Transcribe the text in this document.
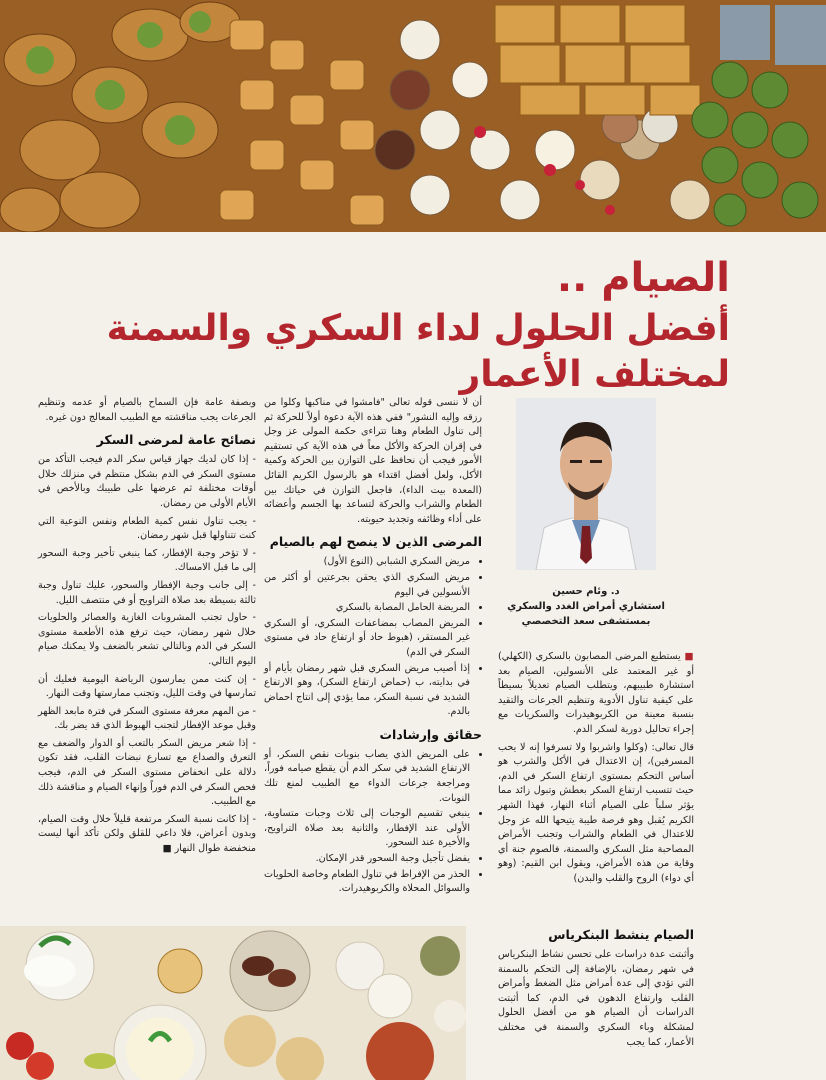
الصيام ..
أفضل الحلول لداء السكري والسمنة لمختلف الأعمار
د. وئام حسين
استشاري أمراض الغدد والسكري
بمستشفى سعد التخصصي

■ يستطيع المرضى المصابون بالسكري (الكهلي) أو غير المعتمد على الأنسولين، الصيام بعد استشارة طبيبهم، ويتطلب الصيام تعديلاً بسيطاً على كيفية تناول الأدوية وتنظيم الجرعات والتقيد بنسبة معينة من الكربوهيدرات والسكريات مع إجراء تحاليل دورية لسكر الدم.

قال تعالى: (وكلوا واشربوا ولا تسرفوا إنه لا يحب المسرفين)، إن الاعتدال في الأكل والشرب هو أساس التحكم بمستوى ارتفاع السكر في الدم، حيث تتسبب ارتفاع السكر بعطش وتبول زائد مما يؤثر سلباً على الصيام أثناء النهار، فهذا الشهر الكريم يُقبل وهو فرصة طيبة يتيحها الله عز وجل للاعتدال في الطعام والشراب وتجنب الأمراض المصاحبة مثل السكري والسمنة، فالصوم جنة أي وقاية من هذه الأمراض، ويقول ابن القيم: (وهو أي دواء) الروح والقلب والبدن)

الصيام ينشط البنكرياس

وأثبتت عدة دراسات على تحسن نشاط البنكرياس في شهر رمضان، بالإضافة إلى التحكم بالسمنة التي تؤدي إلى عدة أمراض مثل الضغط وأمراض القلب وارتفاع الدهون في الدم، كما أثبتت الدراسات أن الصيام هو من أفضل الحلول لمشكلة وباء السكري والسمنة في مختلف الأعمار، كما يجب

أن لا ننسى قوله تعالى "فامشوا في مناكبها وكلوا من رزقه وإليه النشور" ففي هذه الآية دعوة أولاً للحركة ثم إلى تناول الطعام وهنا تتراءى حكمة المولى عز وجل في إقران الحركة والأكل معاً في هذه الآية كي تستقيم الأمور فيجب أن نحافظ على التوازن بين الحركة وكمية الأكل، ولعل أفضل اقتداء هو بالرسول الكريم القائل (المعدة بيت الداء)، فاجعل التوازن في حياتك بين الطعام والشراب والحركة لتساعد بها الجسم وأعضائه على أداء وظائفه وتجديد حيويته.

المرضى الذين لا ينصح لهم بالصيام
• مريض السكري الشبابي (النوع الأول)
• مريض السكري الذي يحقن بجرعتين أو أكثر من الأنسولين في اليوم
• المريضة الحامل المصابة بالسكري
• المريض المصاب بمضاعفات السكري، أو السكري غير المستقر، (هبوط حاد أو ارتفاع حاد في مستوى السكر في الدم)
• إذا أصيب مريض السكري قبل شهر رمضان بأيام أو في بدايته، ب (حماض ارتفاع السكر)، وهو الارتفاع الشديد في نسبة السكر، مما يؤدي إلى انتاج احماض بالدم.
حقائق وإرشادات
• على المريض الذي يصاب بنوبات نقص السكر، أو الارتفاع الشديد في سكر الدم أن يقطع صيامه فوراً، ومراجعة جرعات الدواء مع الطبيب لمنع تلك النوبات.
• ينبغي تقسيم الوجبات إلى ثلاث وجبات متساوية، الأولى عند الإفطار، والثانية بعد صلاة التراويح، والأخيرة عند السحور.
• يفضل تأجيل وجبة السحور قدر الإمكان.
• الحذر من الإفراط في تناول الطعام وخاصة الحلويات والسوائل المحلاة والكربوهيدرات.

وبصفة عامة فإن السماح بالصيام أو عدمه وتنظيم الجرعات يجب مناقشته مع الطبيب المعالج دون غيره.

نصائح عامة لمرضى السكر

- إذا كان لديك جهاز قياس سكر الدم فيجب التأكد من مستوى السكر في الدم بشكل منتظم في منزلك خلال أوقات مختلفة ثم عرضها على طبيبك وبالأخص في الأيام الأولى من رمضان.

- يجب تناول نفس كمية الطعام ونفس النوعية التي كنت تتناولها قبل شهر رمضان.

- لا تؤخر وجبة الإفطار، كما ينبغي تأخير وجبة السحور إلى ما قبل الامساك.

- إلى جانب وجبة الإفطار والسحور، عليك تناول وجبة ثالثة بسيطة بعد صلاة التراويح أو في منتصف الليل.

- حاول تجنب المشروبات الغازية والعصائر والحلويات خلال شهر رمضان، حيث ترفع هذه الأطعمة مستوى السكر في الدم وبالتالي تشعر بالضعف ولا يمكنك صيام اليوم التالي.

- إن كنت ممن يمارسون الرياضة اليومية فعليك أن تمارسها في وقت الليل، وتجنب ممارستها وقت النهار.

- من المهم معرفة مستوى السكر في فترة مابعد الظهر وقبل موعد الإفطار لتجنب الهبوط الذي قد يضر بك.

- إذا شعر مريض السكر بالتعب أو الدوار والضعف مع التعرق والصداع مع تسارع نبضات القلب، فقد تكون دلالة على انخفاض مستوى السكر في الدم، فيجب فحص السكر في الدم فوراً وإنهاء الصيام و مناقشة ذلك مع الطبيب.

- إذا كانت نسبة السكر مرتفعة قليلاً خلال وقت الصيام، وبدون أعراض، فلا داعي للقلق ولكن تأكد أنها ليست منخفضة طوال النهار ■
